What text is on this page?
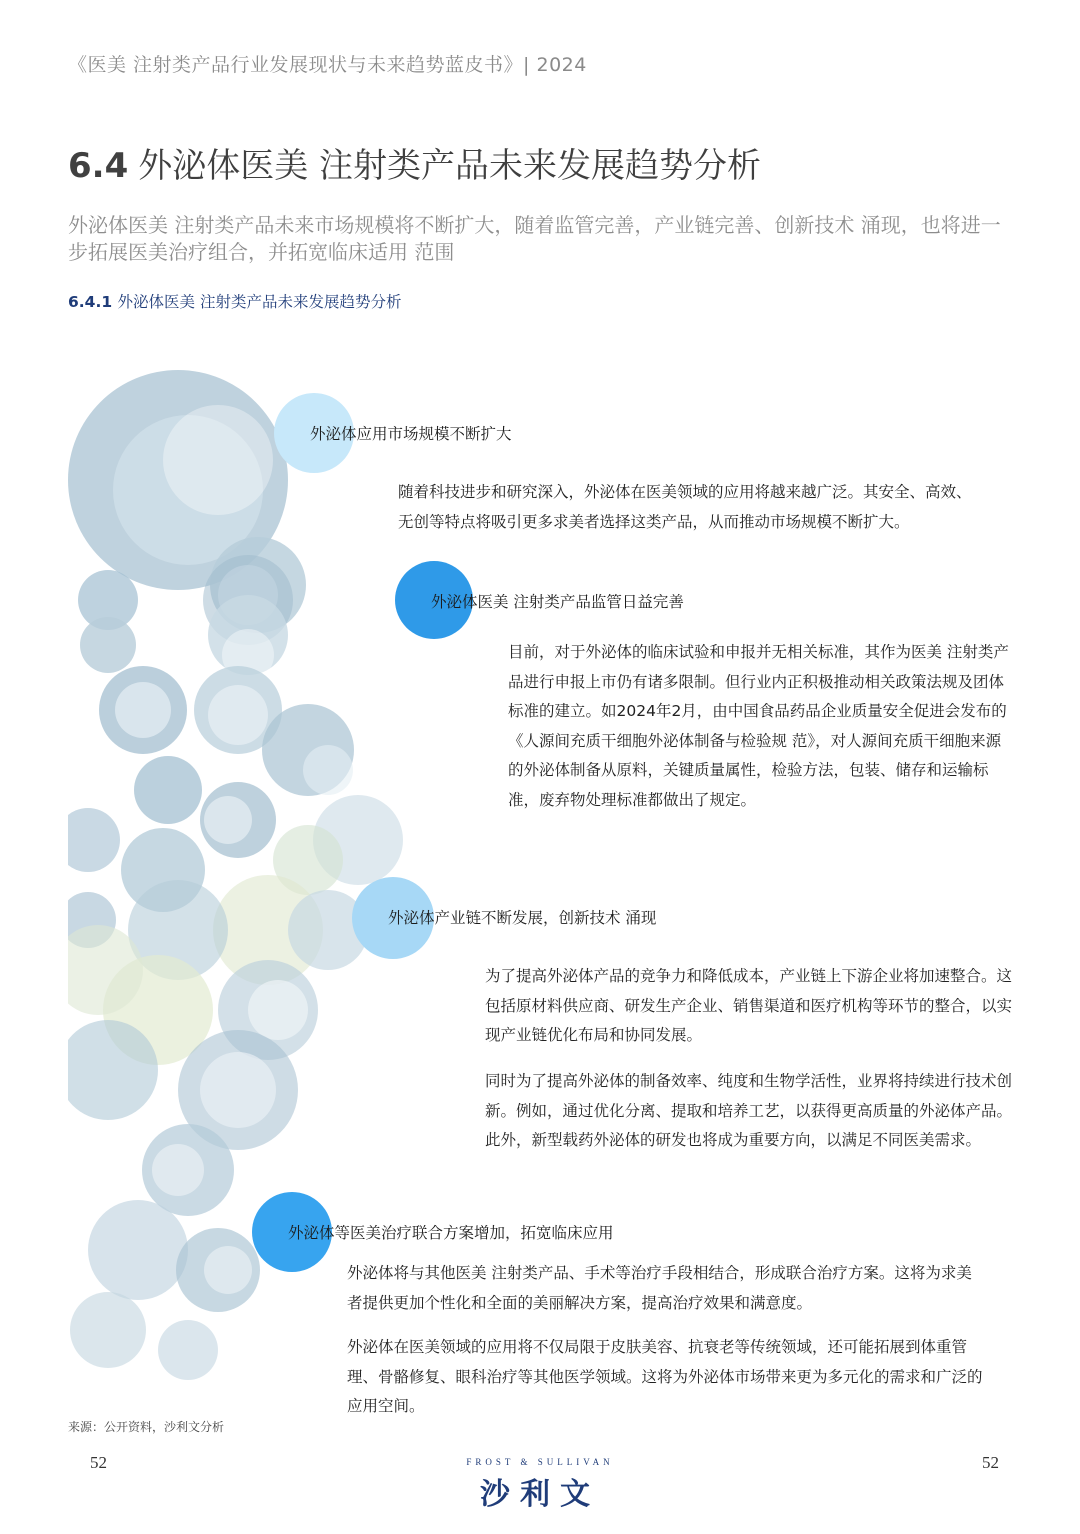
《医美 注射类产品行业发展现状与未来趋势蓝皮书》| 2024
6.4 外泌体医美 注射类产品未来发展趋势分析

外泌体医美 注射类产品未来市场规模将不断扩大，随着监管完善，产业链完善、创新技术 涌现，也将进一步拓展医美治疗组合，并拓宽临床适用 范围

6.4.1 外泌体医美 注射类产品未来发展趋势分析
外泌体应用市场规模不断扩大

随着科技进步和研究深入，外泌体在医美领域的应用将越来越广泛。其安全、高效、无创等特点将吸引更多求美者选择这类产品，从而推动市场规模不断扩大。

外泌体医美 注射类产品监管日益完善

目前，对于外泌体的临床试验和申报并无相关标准，其作为医美 注射类产品进行申报上市仍有诸多限制。但行业内正积极推动相关政策法规及团体标准的建立。如2024年2月，由中国食品药品企业质量安全促进会发布的《人源间充质干细胞外泌体制备与检验规 范》，对人源间充质干细胞来源的外泌体制备从原料，关键质量属性，检验方法，包装、储存和运输标准，废弃物处理标准都做出了规定。

外泌体产业链不断发展，创新技术 涌现

为了提高外泌体产品的竞争力和降低成本，产业链上下游企业将加速整合。这包括原材料供应商、研发生产企业、销售渠道和医疗机构等环节的整合，以实现产业链优化布局和协同发展。

同时为了提高外泌体的制备效率、纯度和生物学活性，业界将持续进行技术创新。例如，通过优化分离、提取和培养工艺，以获得更高质量的外泌体产品。此外，新型载药外泌体的研发也将成为重要方向，以满足不同医美需求。

外泌体等医美治疗联合方案增加，拓宽临床应用

外泌体将与其他医美 注射类产品、手术等治疗手段相结合，形成联合治疗方案。这将为求美者提供更加个性化和全面的美丽解决方案，提高治疗效果和满意度。

外泌体在医美领域的应用将不仅局限于皮肤美容、抗衰老等传统领域，还可能拓展到体重管理、骨骼修复、眼科治疗等其他医学领域。这将为外泌体市场带来更为多元化的需求和广泛的应用空间。

来源：公开资料，沙利文分析
52	52
FROST & SULLIVAN
沙利文
